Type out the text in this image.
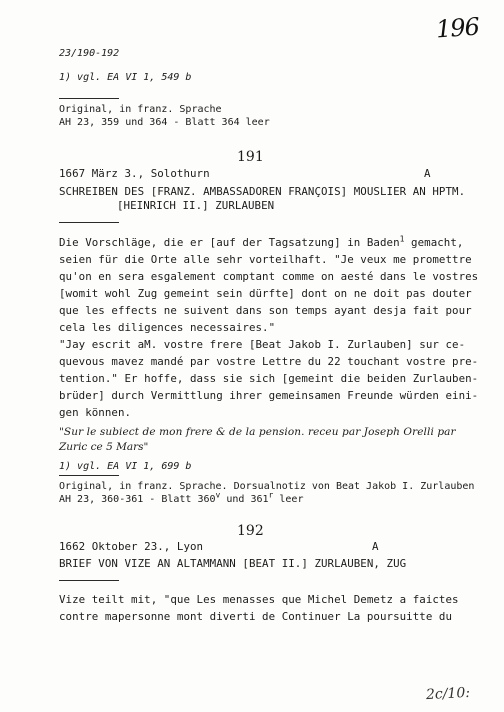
196
23/190-192
1) vgl. EA VI 1, 549 b
Original, in franz. Sprache
AH 23, 359 und 364 - Blatt 364 leer
191
1667 März 3., Solothurn	A
SCHREIBEN DES [FRANZ. AMBASSADOREN FRANÇOIS] MOUSLIER AN HPTM.
[HEINRICH II.] ZURLAUBEN
Die Vorschläge, die er [auf der Tagsatzung] in Baden$^1$ gemacht,
seien für die Orte alle sehr vorteilhaft. "Je veux me promettre
qu'on en sera esgalement comptant comme on aesté dans le vostres
[womit wohl Zug gemeint sein dürfte] dont on ne doit pas douter
que les effects ne suivent dans son temps ayant desja fait pour
cela les diligences necessaires."
"Jay escrit aM. vostre frere [Beat Jakob I. Zurlauben] sur ce-
quevous mavez mandé par vostre Lettre du 22 touchant vostre pre-
tention." Er hoffe, dass sie sich [gemeint die beiden Zurlauben-
brüder] durch Vermittlung ihrer gemeinsamen Freunde würden eini-
gen können.
"Sur le subiect de mon frere & de la pension. receu par Joseph Orelli par
Zuric ce 5 Mars"
1) vgl. EA VI 1, 699 b
Original, in franz. Sprache. Dorsualnotiz von Beat Jakob I. Zurlauben
AH 23, 360-361 - Blatt 360$^v$ und 361$^r$ leer
192
1662 Oktober 23., Lyon	A
BRIEF VON VIZE AN ALTAMMANN [BEAT II.] ZURLAUBEN, ZUG
Vize teilt mit, "que Les menasses que Michel Demetz a faictes
contre mapersonne mont diverti de Continuer La poursuitte du
2c/10:
